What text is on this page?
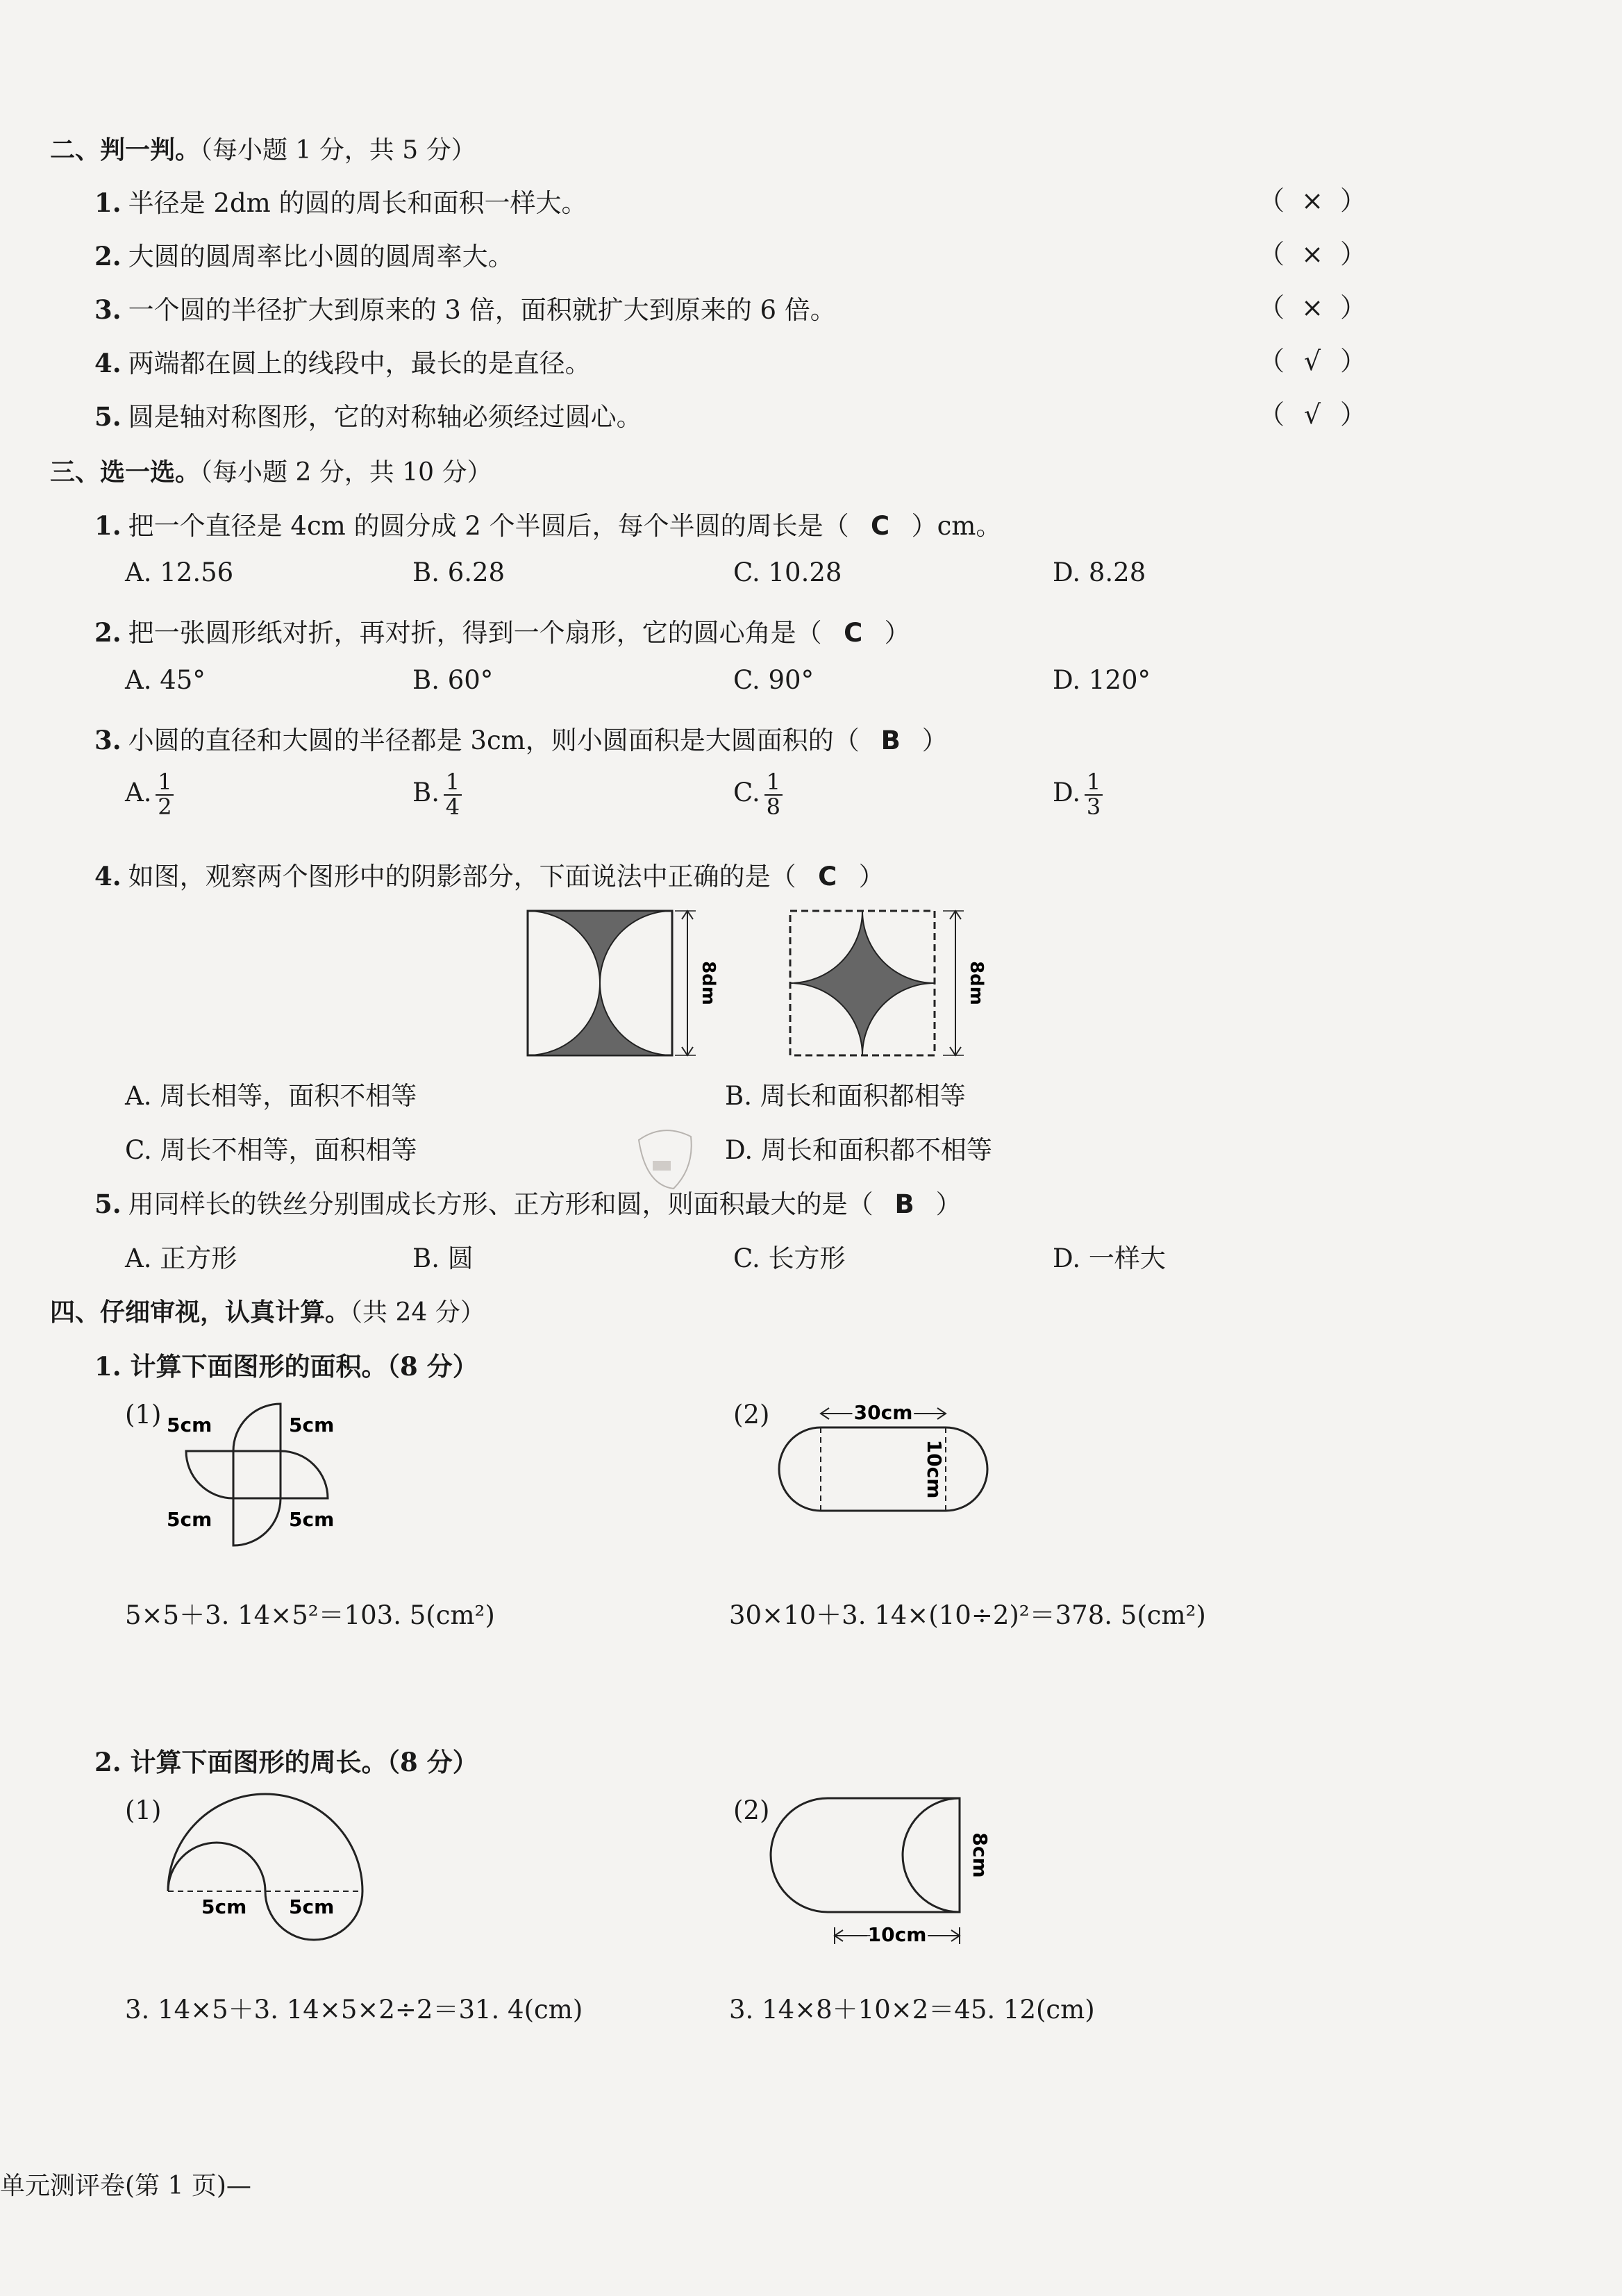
二、判一判。（每小题 1 分，共 5 分）
1. 半径是 2dm 的圆的周长和面积一样大。	（ × ）
2. 大圆的圆周率比小圆的圆周率大。	（ × ）
3. 一个圆的半径扩大到原来的 3 倍，面积就扩大到原来的 6 倍。	（ × ）
4. 两端都在圆上的线段中，最长的是直径。	（ √ ）
5. 圆是轴对称图形，它的对称轴必须经过圆心。	（ √ ）
三、选一选。（每小题 2 分，共 10 分）
1. 把一个直径是 4cm 的圆分成 2 个半圆后，每个半圆的周长是（ C ）cm。
A. 12.56	B. 6.28	C. 10.28	D. 8.28
2. 把一张圆形纸对折，再对折，得到一个扇形，它的圆心角是（ C ）
A. 45°	B. 60°	C. 90°	D. 120°
3. 小圆的直径和大圆的半径都是 3cm，则小圆面积是大圆面积的（ B ）
A. $\frac{1}{2}$	B. $\frac{1}{4}$	C. $\frac{1}{8}$	D. $\frac{1}{3}$
4. 如图，观察两个图形中的阴影部分，下面说法中正确的是（ C ）
8dm	8dm
A. 周长相等，面积不相等	B. 周长和面积都相等
C. 周长不相等，面积相等	D. 周长和面积都不相等
5. 用同样长的铁丝分别围成长方形、正方形和圆，则面积最大的是（ B ）
A. 正方形	B. 圆	C. 长方形	D. 一样大
四、仔细审视，认真计算。（共 24 分）
1. 计算下面图形的面积。（8 分）
(1) 5cm	5cm
5cm	5cm
5×5＋3. 14×5²＝103. 5(cm²)
(2)	30cm
10cm
30×10＋3. 14×(10÷2)²＝378. 5(cm²)
2. 计算下面图形的周长。（8 分）
(1)
5cm 5cm
3. 14×5＋3. 14×5×2÷2＝31. 4(cm)
(2)
10cm
8cm
3. 14×8＋10×2＝45. 12(cm)
单元测评卷(第 1 页)—
